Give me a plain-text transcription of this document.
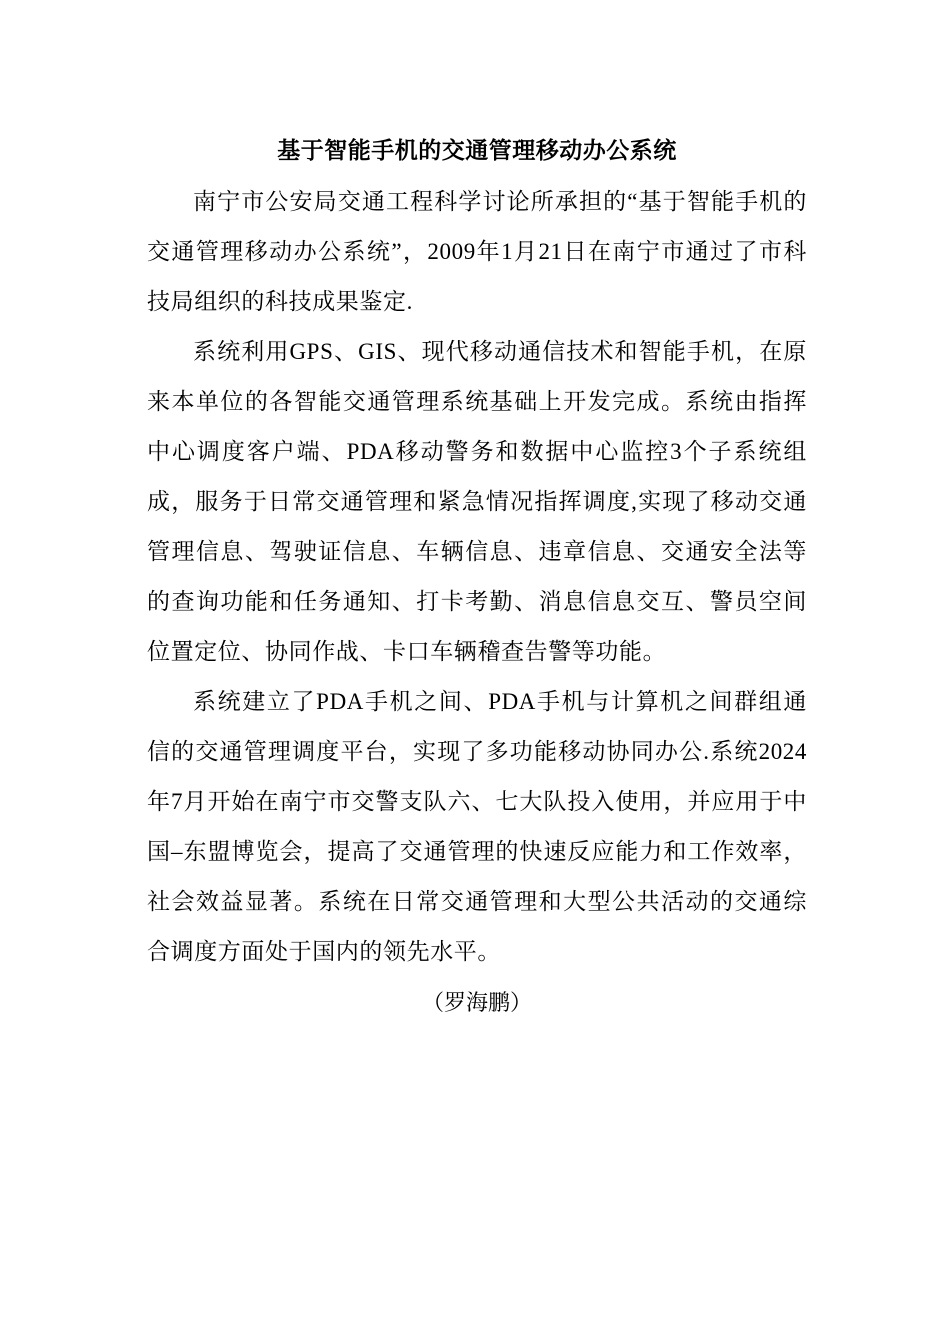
基于智能手机的交通管理移动办公系统

南宁市公安局交通工程科学讨论所承担的“基于智能手机的交通管理移动办公系统”，2009年1月21日在南宁市通过了市科技局组织的科技成果鉴定.

系统利用GPS、GIS、现代移动通信技术和智能手机，在原来本单位的各智能交通管理系统基础上开发完成。系统由指挥中心调度客户端、PDA移动警务和数据中心监控3个子系统组成，服务于日常交通管理和紧急情况指挥调度,实现了移动交通管理信息、驾驶证信息、车辆信息、违章信息、交通安全法等的查询功能和任务通知、打卡考勤、消息信息交互、警员空间位置定位、协同作战、卡口车辆稽查告警等功能。

系统建立了PDA手机之间、PDA手机与计算机之间群组通信的交通管理调度平台，实现了多功能移动协同办公.系统2024年7月开始在南宁市交警支队六、七大队投入使用，并应用于中国–东盟博览会，提高了交通管理的快速反应能力和工作效率，社会效益显著。系统在日常交通管理和大型公共活动的交通综合调度方面处于国内的领先水平。

（罗海鹏）
